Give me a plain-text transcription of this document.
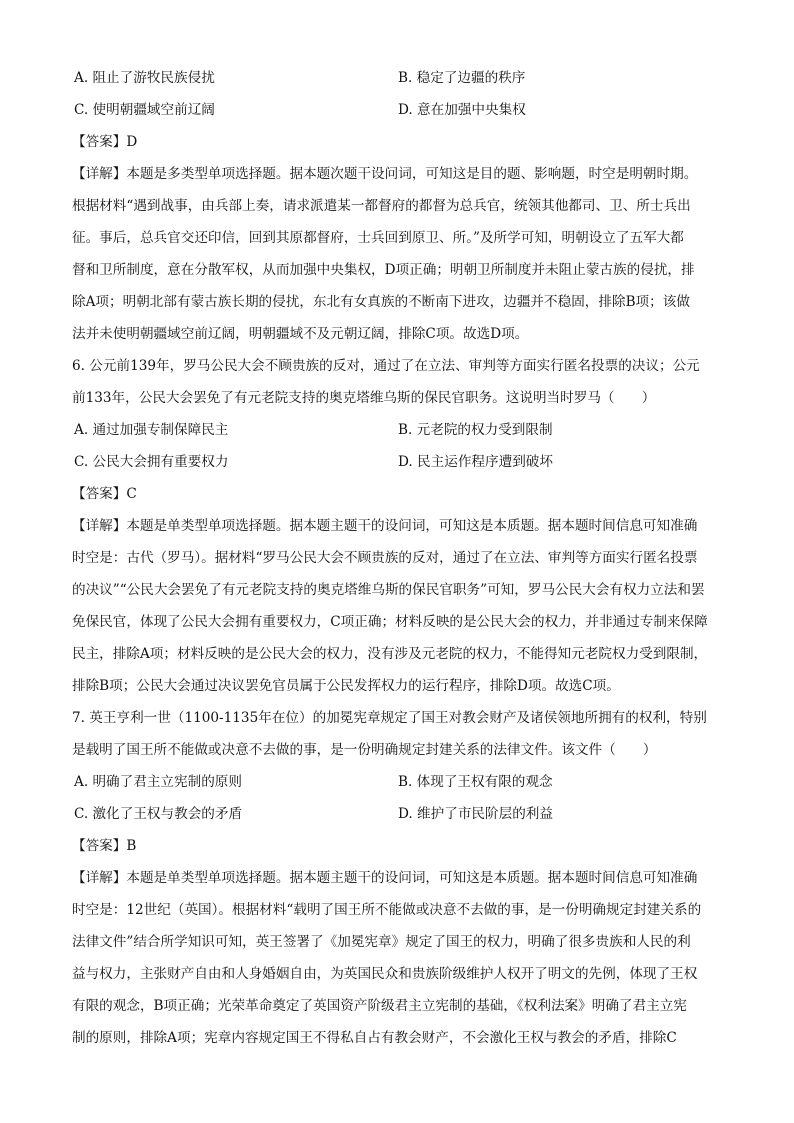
A. 阻止了游牧民族侵扰	B. 稳定了边疆的秩序
C. 使明朝疆域空前辽阔	D. 意在加强中央集权
【答案】D
【详解】本题是多类型单项选择题。据本题次题干设问词，可知这是目的题、影响题，时空是明朝时期。
根据材料“遇到战事，由兵部上奏，请求派遣某一都督府的都督为总兵官，统领其他都司、卫、所士兵出
征。事后，总兵官交还印信，回到其原都督府，士兵回到原卫、所。”及所学可知，明朝设立了五军大都
督和卫所制度，意在分散军权，从而加强中央集权，D项正确；明朝卫所制度并未阻止蒙古族的侵扰，排
除A项；明朝北部有蒙古族长期的侵扰，东北有女真族的不断南下进攻，边疆并不稳固，排除B项；该做
法并未使明朝疆域空前辽阔，明朝疆域不及元朝辽阔，排除C项。故选D项。
6. 公元前139年，罗马公民大会不顾贵族的反对，通过了在立法、审判等方面实行匿名投票的决议；公元
前133年，公民大会罢免了有元老院支持的奥克塔维乌斯的保民官职务。这说明当时罗马（　　）
A. 通过加强专制保障民主	B. 元老院的权力受到限制
C. 公民大会拥有重要权力	D. 民主运作程序遭到破坏
【答案】C
【详解】本题是单类型单项选择题。据本题主题干的设问词，可知这是本质题。据本题时间信息可知准确
时空是：古代（罗马）。据材料“罗马公民大会不顾贵族的反对，通过了在立法、审判等方面实行匿名投票
的决议”“公民大会罢免了有元老院支持的奥克塔维乌斯的保民官职务”可知，罗马公民大会有权力立法和罢
免保民官，体现了公民大会拥有重要权力，C项正确；材料反映的是公民大会的权力，并非通过专制来保障
民主，排除A项；材料反映的是公民大会的权力，没有涉及元老院的权力，不能得知元老院权力受到限制，
排除B项；公民大会通过决议罢免官员属于公民发挥权力的运行程序，排除D项。故选C项。
7. 英王亨利一世（1100-1135年在位）的加冕宪章规定了国王对教会财产及诸侯领地所拥有的权利，特别
是载明了国王所不能做或决意不去做的事，是一份明确规定封建关系的法律文件。该文件（　　）
A. 明确了君主立宪制的原则	B. 体现了王权有限的观念
C. 激化了王权与教会的矛盾	D. 维护了市民阶层的利益
【答案】B
【详解】本题是单类型单项选择题。据本题主题干的设问词，可知这是本质题。据本题时间信息可知准确
时空是：12世纪（英国）。根据材料“载明了国王所不能做或决意不去做的事，是一份明确规定封建关系的
法律文件”结合所学知识可知，英王签署了《加冕宪章》规定了国王的权力，明确了很多贵族和人民的利
益与权力，主张财产自由和人身婚姻自由，为英国民众和贵族阶级维护人权开了明文的先例，体现了王权
有限的观念，B项正确；光荣革命奠定了英国资产阶级君主立宪制的基础，《权利法案》明确了君主立宪
制的原则，排除A项；宪章内容规定国王不得私自占有教会财产，不会激化王权与教会的矛盾，排除C
